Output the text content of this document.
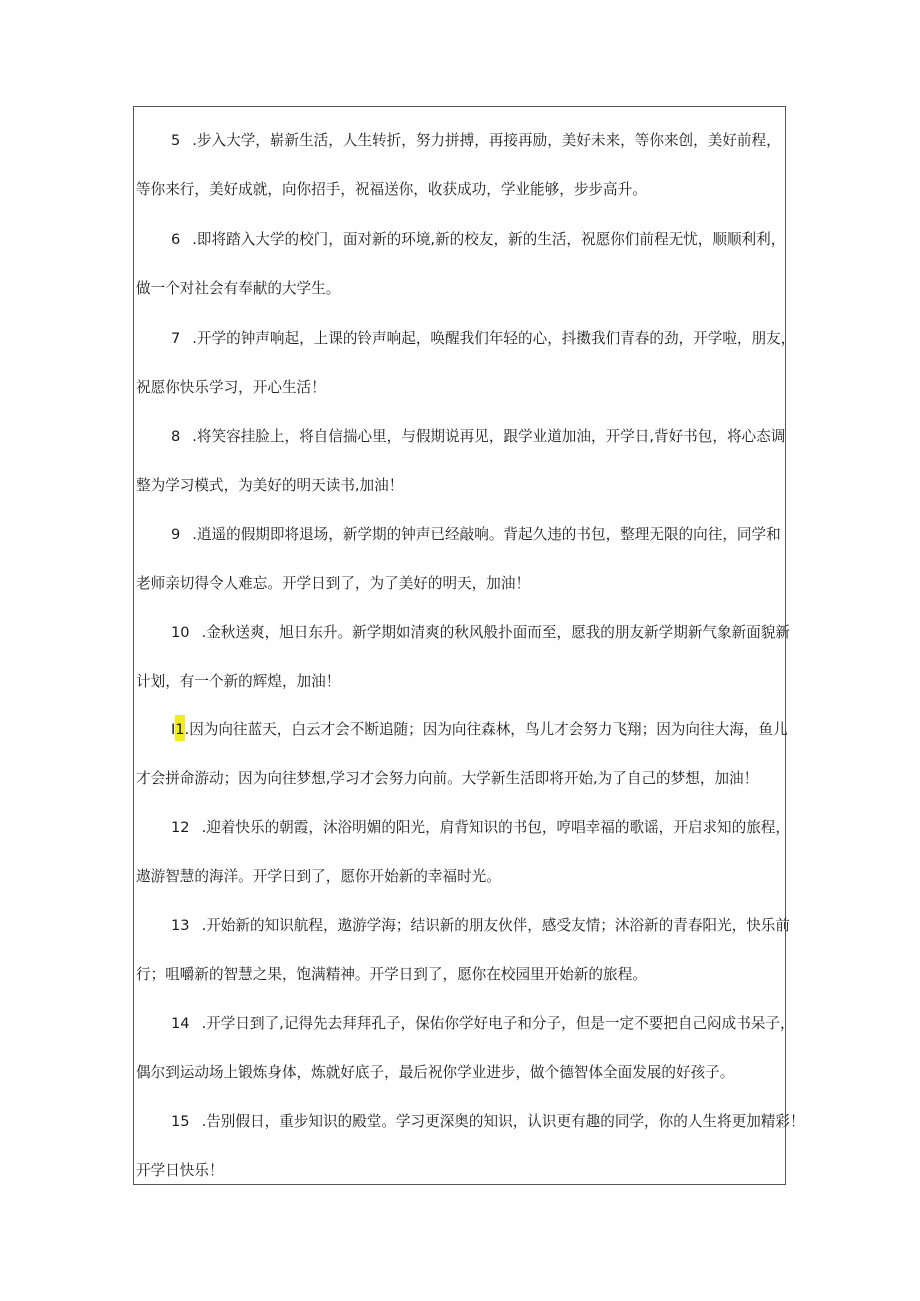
5 .步入大学，崭新生活，人生转折，努力拼搏，再接再励，美好未来，等你来创，美好前程，
等你来行，美好成就，向你招手，祝福送你，收获成功，学业能够，步步高升。
6 .即将踏入大学的校门，面对新的环境,新的校友，新的生活，祝愿你们前程无忧，顺顺利利，
做一个对社会有奉献的大学生。
7 .开学的钟声响起，上课的铃声响起，唤醒我们年轻的心，抖擞我们青春的劲，开学啦，朋友，
祝愿你快乐学习，开心生活！
8 .将笑容挂脸上，将自信揣心里，与假期说再见，跟学业道加油，开学日,背好书包，将心态调
整为学习模式，为美好的明天读书,加油！
9 .逍遥的假期即将退场，新学期的钟声已经敲响。背起久违的书包，整理无限的向往，同学和
老师亲切得令人难忘。开学日到了，为了美好的明天，加油！
10 .金秋送爽，旭日东升。新学期如清爽的秋风般扑面而至，愿我的朋友新学期新气象新面貌新
计划，有一个新的辉煌，加油！
I1.因为向往蓝天，白云才会不断追随；因为向往森林，鸟儿才会努力飞翔；因为向往大海，鱼儿
才会拼命游动；因为向往梦想,学习才会努力向前。大学新生活即将开始,为了自己的梦想，加油！
12 .迎着快乐的朝霞，沐浴明媚的阳光，肩背知识的书包，哼唱幸福的歌谣，开启求知的旅程，
遨游智慧的海洋。开学日到了，愿你开始新的幸福时光。
13 .开始新的知识航程，遨游学海；结识新的朋友伙伴，感受友情；沐浴新的青春阳光，快乐前
行；咀嚼新的智慧之果，饱满精神。开学日到了，愿你在校园里开始新的旅程。
14 .开学日到了,记得先去拜拜孔子，保佑你学好电子和分子，但是一定不要把自己闷成书呆子，
偶尔到运动场上锻炼身体，炼就好底子，最后祝你学业进步，做个德智体全面发展的好孩子。
15 .告别假日，重步知识的殿堂。学习更深奥的知识，认识更有趣的同学，你的人生将更加精彩！
开学日快乐！
